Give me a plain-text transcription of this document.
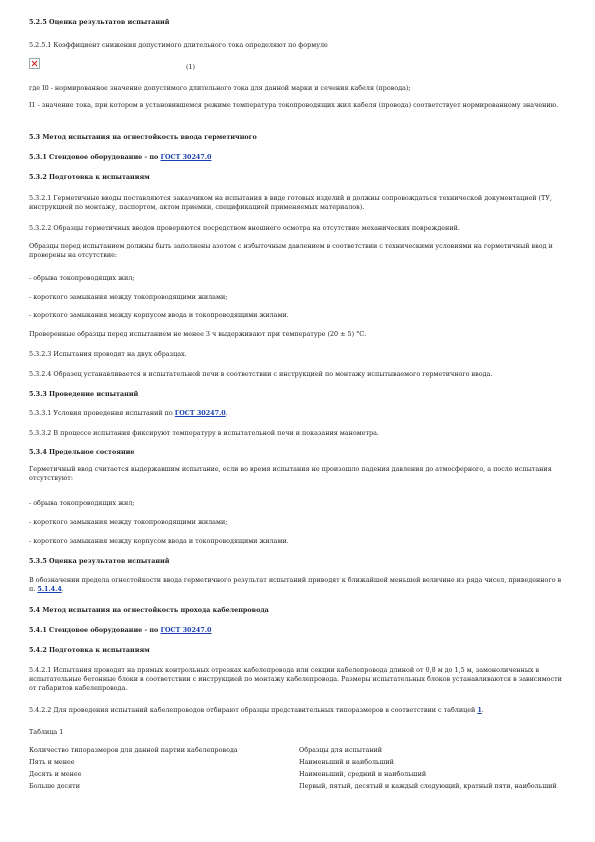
5.2.5 Оценка результатов испытаний

5.2.5.1 Коэффициент снижения допустимого длительного тока определяют по формуле

(1)

где I0 - нормированное значение допустимого длительного тока для данной марки и сечения кабеля (провода);

I1 - значение тока, при котором в установившемся режиме температура токопроводящих жил кабеля (провода) соответствует нормированному значению.

5.3 Метод испытания на огнестойкость ввода герметичного

5.3.1 Стендовое оборудование - по ГОСТ 30247.0

5.3.2 Подготовка к испытаниям

5.3.2.1 Герметичные вводы поставляются заказчиком на испытания в виде готовых изделий и должны сопровождаться технической документацией (ТУ, инструкцией по монтажу, паспортом, актом приемки, спецификацией применяемых материалов).

5.3.2.2 Образцы герметичных вводов проверяются посредством внешнего осмотра на отсутствие механических повреждений.

Образцы перед испытанием должны быть заполнены азотом с избыточным давлением в соответствии с техническими условиями на герметичный ввод и проверены на отсутствие:

- обрыва токопроводящих жил;

- короткого замыкания между токопроводящими жилами;

- короткого замыкания между корпусом ввода и токопроводящими жилами.

Проверенные образцы перед испытанием не менее 3 ч выдерживают при температуре (20 ± 5) °С.

5.3.2.3 Испытания проводят на двух образцах.

5.3.2.4 Образец устанавливается в испытательной печи в соответствии с инструкцией по монтажу испытываемого герметичного ввода.

5.3.3 Проведение испытаний

5.3.3.1 Условия проведения испытаний по ГОСТ 30247.0.

5.3.3.2 В процессе испытания фиксируют температуру в испытательной печи и показания манометра.

5.3.4 Предельное состояние

Герметичный ввод считается выдержавшим испытание, если во время испытания не произошло падения давления до атмосферного, а после испытания отсутствуют:

- обрыва токопроводящих жил;

- короткого замыкания между токопроводящими жилами;

- короткого замыкания между корпусом ввода и токопроводящими жилами.

5.3.5 Оценка результатов испытаний

В обозначении предела огнестойкости ввода герметичного результат испытаний приводят к ближайшей меньшей величине из ряда чисел, приведенного в п. 5.1.4.4.

5.4 Метод испытания на огнестойкость прохода кабелепровода

5.4.1 Стендовое оборудование - по ГОСТ 30247.0

5.4.2 Подготовка к испытаниям

5.4.2.1 Испытания проводят на прямых контрольных отрезках кабелепровода или секции кабелепровода длиной от 0,8 м до 1,5 м, замоноличенных в испытательные бетонные блоки в соответствии с инструкцией по монтажу кабелепровода. Размеры испытательных блоков устанавливаются в зависимости от габаритов кабелепровода.

5.4.2.2 Для проведения испытаний кабелепроводов отбирают образцы представительных типоразмеров в соответствии с таблицей 1.

Таблица 1

Количество типоразмеров для данной партии кабелепровода	Образцы для испытаний
Пять и менее	Наименьший и наибольший
Десять и менее	Наименьший, средний и наибольший
Больше десяти	Первый, пятый, десятый и каждый следующий, кратный пяти, наибольший
